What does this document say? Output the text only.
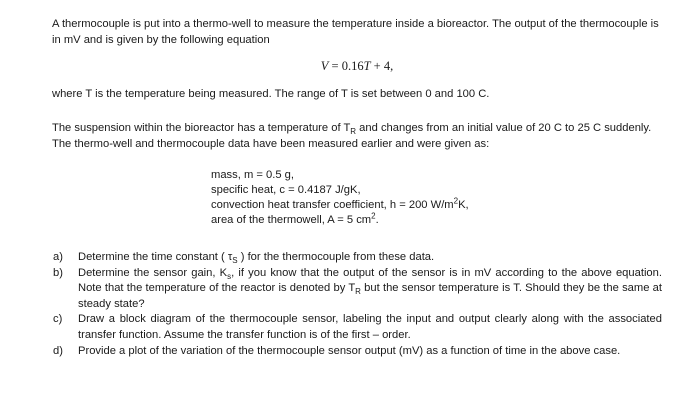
A thermocouple is put into a thermo-well to measure the temperature inside a bioreactor. The output of the thermocouple is in mV and is given by the following equation

V = 0.16T + 4,

where T is the temperature being measured. The range of T is set between 0 and 100 C.

The suspension within the bioreactor has a temperature of $T_R$ and changes from an initial value of 20 C to 25 C suddenly. The thermo-well and thermocouple data have been measured earlier and were given as:

mass, m = 0.5 g,
specific heat, c = 0.4187 J/gK,
convection heat transfer coefficient, h = 200 $W/m^2K$,
area of the thermowell, A = 5 $cm^2$.
a)	Determine the time constant ( $\tau_S$ ) for the thermocouple from these data.
b)	Determine the sensor gain, $K_s$, if you know that the output of the sensor is in mV according to the above equation. Note that the temperature of the reactor is denoted by $T_R$ but the sensor temperature is T. Should they be the same at steady state?
c)	Draw a block diagram of the thermocouple sensor, labeling the input and output clearly along with the associated transfer function. Assume the transfer function is of the first – order.
d)	Provide a plot of the variation of the thermocouple sensor output (mV) as a function of time in the above case.
